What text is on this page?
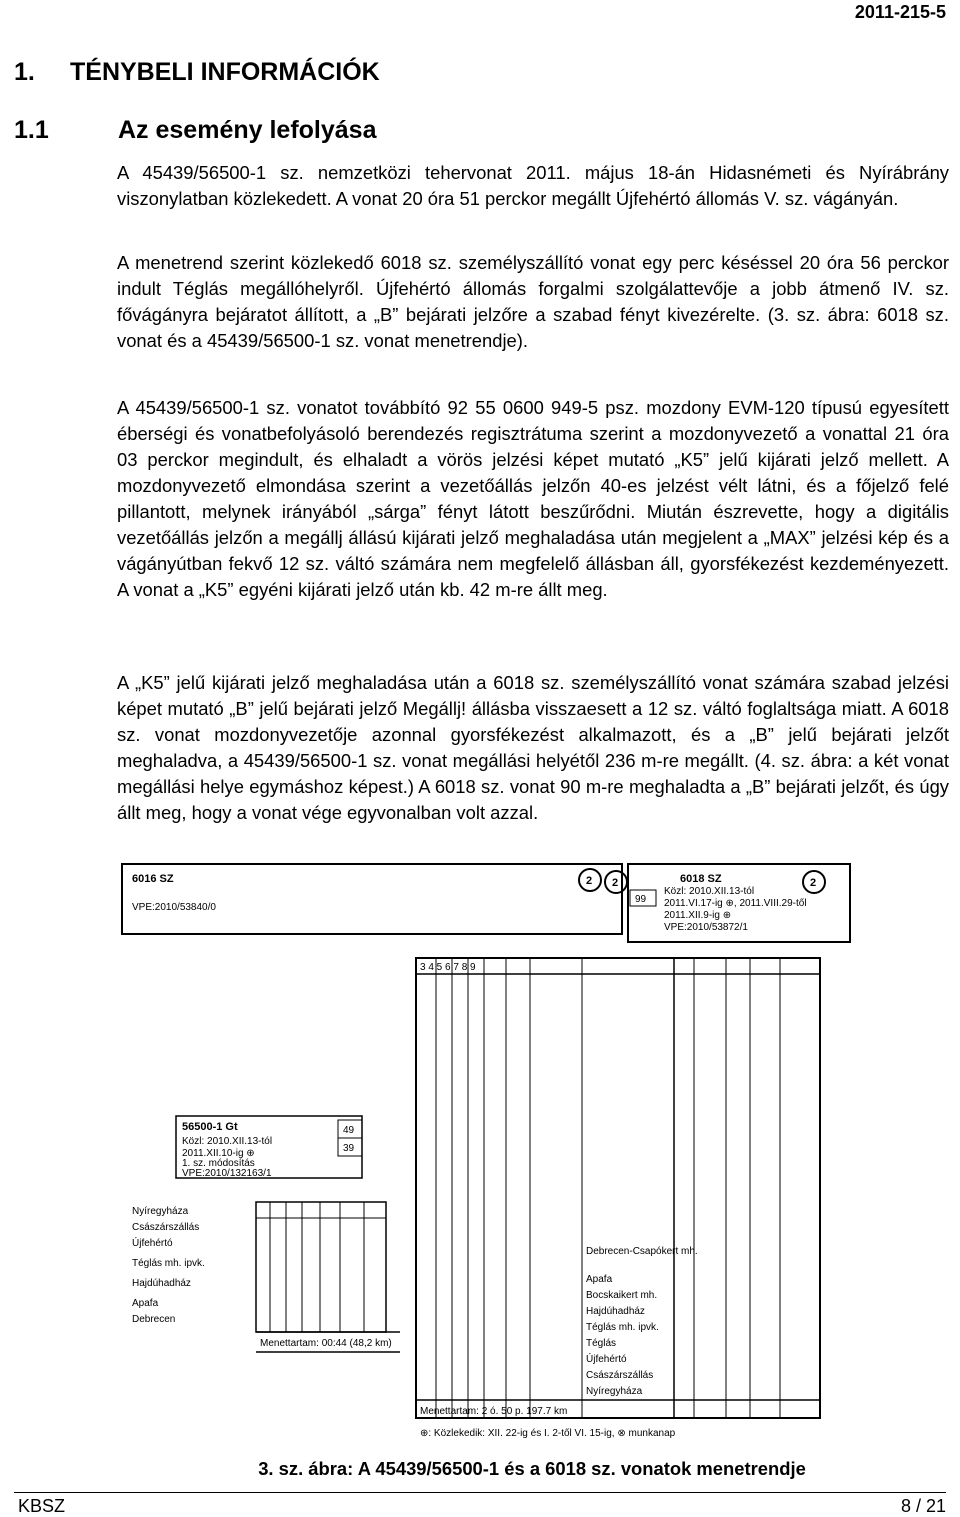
2011-215-5
1. TÉNYBELI INFORMÁCIÓK
1.1	Az esemény lefolyása

A 45439/56500-1 sz. nemzetközi tehervonat 2011. május 18-án Hidasnémeti és Nyírábrány viszonylatban közlekedett. A vonat 20 óra 51 perckor megállt Újfehértó állomás V. sz. vágányán.

A menetrend szerint közlekedő 6018 sz. személyszállító vonat egy perc késéssel 20 óra 56 perckor indult Téglás megállóhelyről. Újfehértó állomás forgalmi szolgálattevője a jobb átmenő IV. sz. fővágányra bejáratot állított, a „B” bejárati jelzőre a szabad fényt kivezérelte. (3. sz. ábra: 6018 sz. vonat és a 45439/56500-1 sz. vonat menetrendje).

A 45439/56500-1 sz. vonatot továbbító 92 55 0600 949-5 psz. mozdony EVM-120 típusú egyesített éberségi és vonatbefolyásoló berendezés regisztrátuma szerint a mozdonyvezető a vonattal 21 óra 03 perckor megindult, és elhaladt a vörös jelzési képet mutató „K5” jelű kijárati jelző mellett. A mozdonyvezető elmondása szerint a vezetőállás jelzőn 40-es jelzést vélt látni, és a főjelző felé pillantott, melynek irányából „sárga” fényt látott beszűrődni. Miután észrevette, hogy a digitális vezetőállás jelzőn a megállj állású kijárati jelző meghaladása után megjelent a „MAX” jelzési kép és a vágányútban fekvő 12 sz. váltó számára nem megfelelő állásban áll, gyorsfékezést kezdeményezett. A vonat a „K5” egyéni kijárati jelző után kb. 42 m-re állt meg.

A „K5” jelű kijárati jelző meghaladása után a 6018 sz. személyszállító vonat számára szabad jelzési képet mutató „B” jelű bejárati jelző Megállj! állásba visszaesett a 12 sz. váltó foglaltsága miatt. A 6018 sz. vonat mozdonyvezetője azonnal gyorsfékezést alkalmazott, és a „B” jelű bejárati jelzőt meghaladva, a 45439/56500-1 sz. vonat megállási helyétől 236 m-re megállt. (4. sz. ábra: a két vonat megállási helye egymáshoz képest.) A 6018 sz. vonat 90 m-re meghaladta a „B” bejárati jelzőt, és úgy állt meg, hogy a vonat vége egyvonalban volt azzal.

6016 SZ
VPE:2010/53840/0
2	6018 SZ
2	2
99
Közl: 2010.XII.13-tól
2011.VI.17-ig ⊕, 2011.VIII.29-től
2011.XII.9-ig ⊕
VPE:2010/53872/1
3 4 5 6 7 8 9
Debrecen-Csapókert mh.
Apafa
Bocskaikert mh.
Hajdúhadház
Téglás mh. ipvk.
Téglás
Újfehértó
Császárszállás
Nyíregyháza
Menettartam: 2 ó. 50 p. 197.7 km
⊕: Közlekedik: XII. 22-ig és I. 2-től VI. 15-ig, ⊗ munkanap
56500-1 Gt
Közl: 2010.XII.13-tól
2011.XII.10-ig ⊕
1. sz. módosítás
VPE:2010/132163/1
49
39
Nyíregyháza
Császárszállás
Újfehértó
Téglás mh. ipvk.
Hajdúhadház
Apafa
Debrecen
Menettartam: 00:44 (48,2 km)
3. sz. ábra: A 45439/56500-1 és a 6018 sz. vonatok menetrendje
KBSZ	8 / 21
